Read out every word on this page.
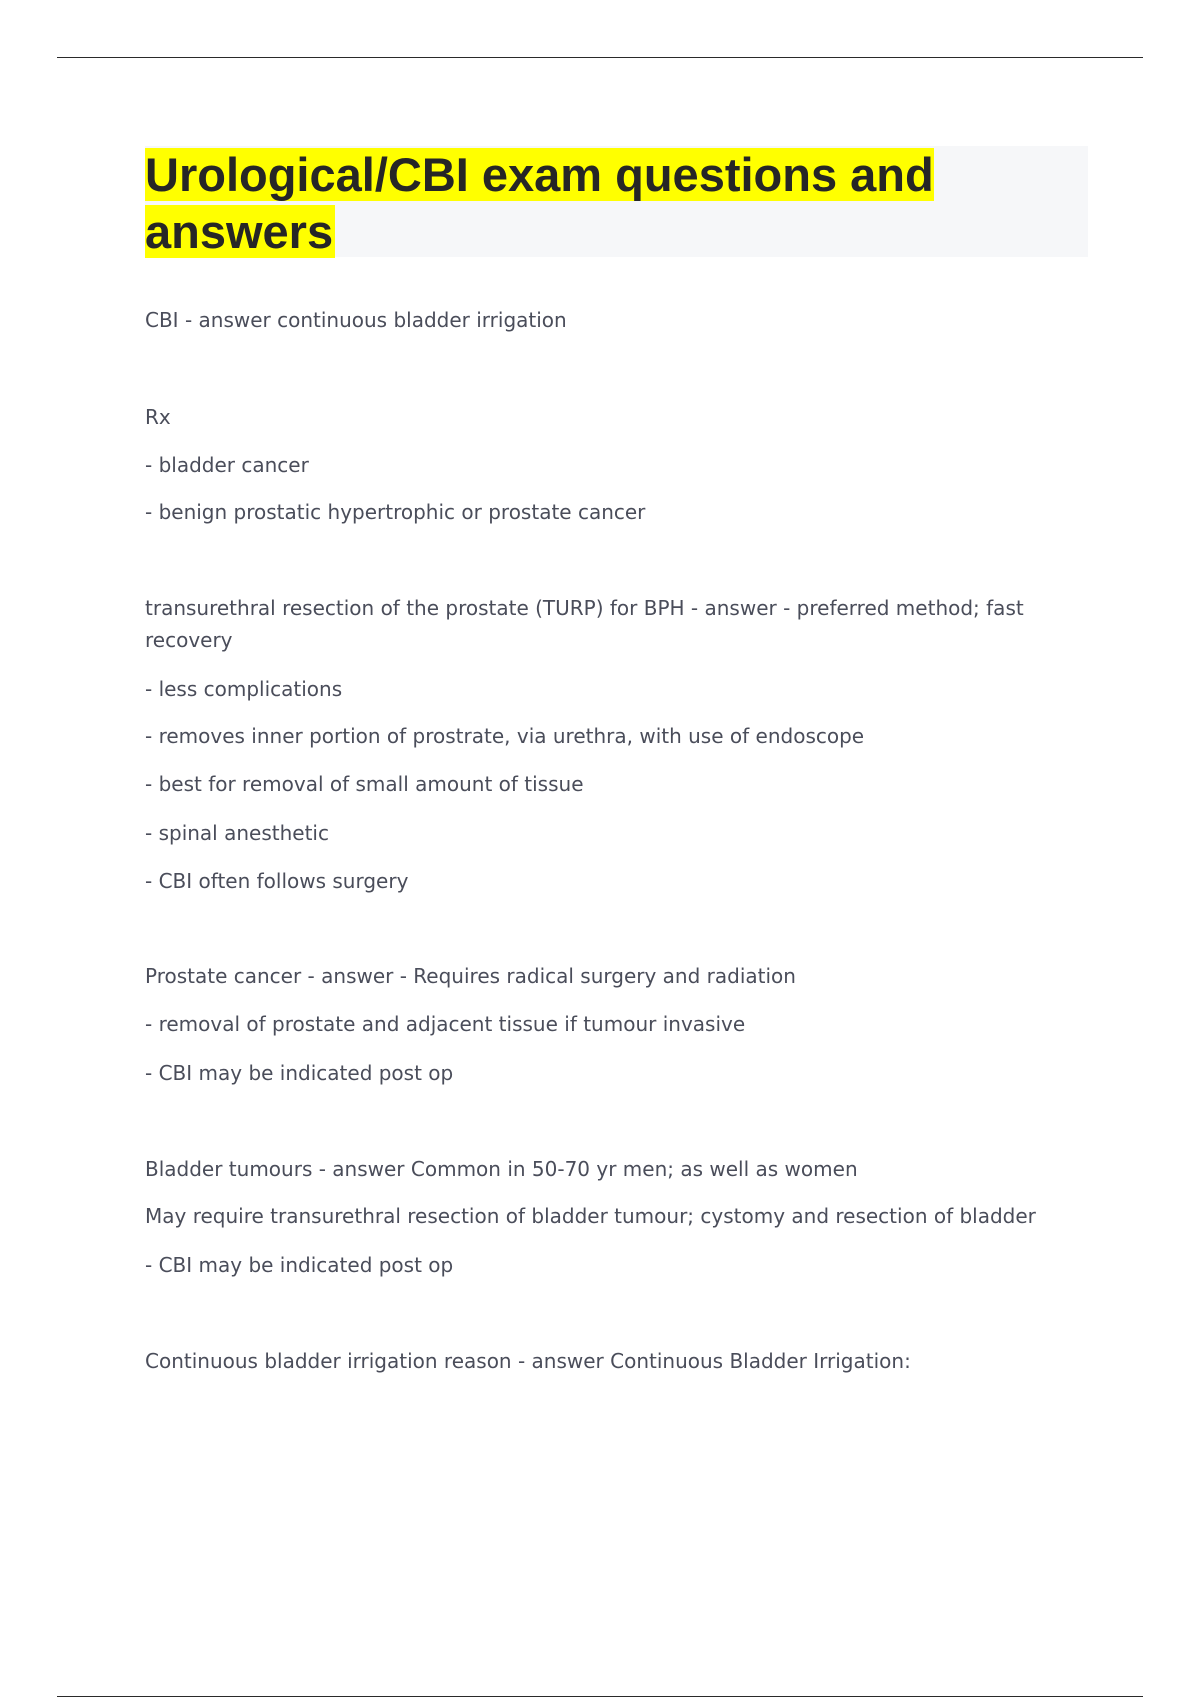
Urological/CBI exam questions and answers
CBI - answer continuous bladder irrigation
Rx
- bladder cancer
- benign prostatic hypertrophic or prostate cancer
transurethral resection of the prostate (TURP) for BPH - answer - preferred method; fast recovery
- less complications
- removes inner portion of prostrate, via urethra, with use of endoscope
- best for removal of small amount of tissue
- spinal anesthetic
- CBI often follows surgery
Prostate cancer - answer - Requires radical surgery and radiation
- removal of prostate and adjacent tissue if tumour invasive
- CBI may be indicated post op
Bladder tumours - answer Common in 50-70 yr men; as well as women
May require transurethral resection of bladder tumour; cystomy and resection of bladder
- CBI may be indicated post op
Continuous bladder irrigation reason - answer Continuous Bladder Irrigation:
